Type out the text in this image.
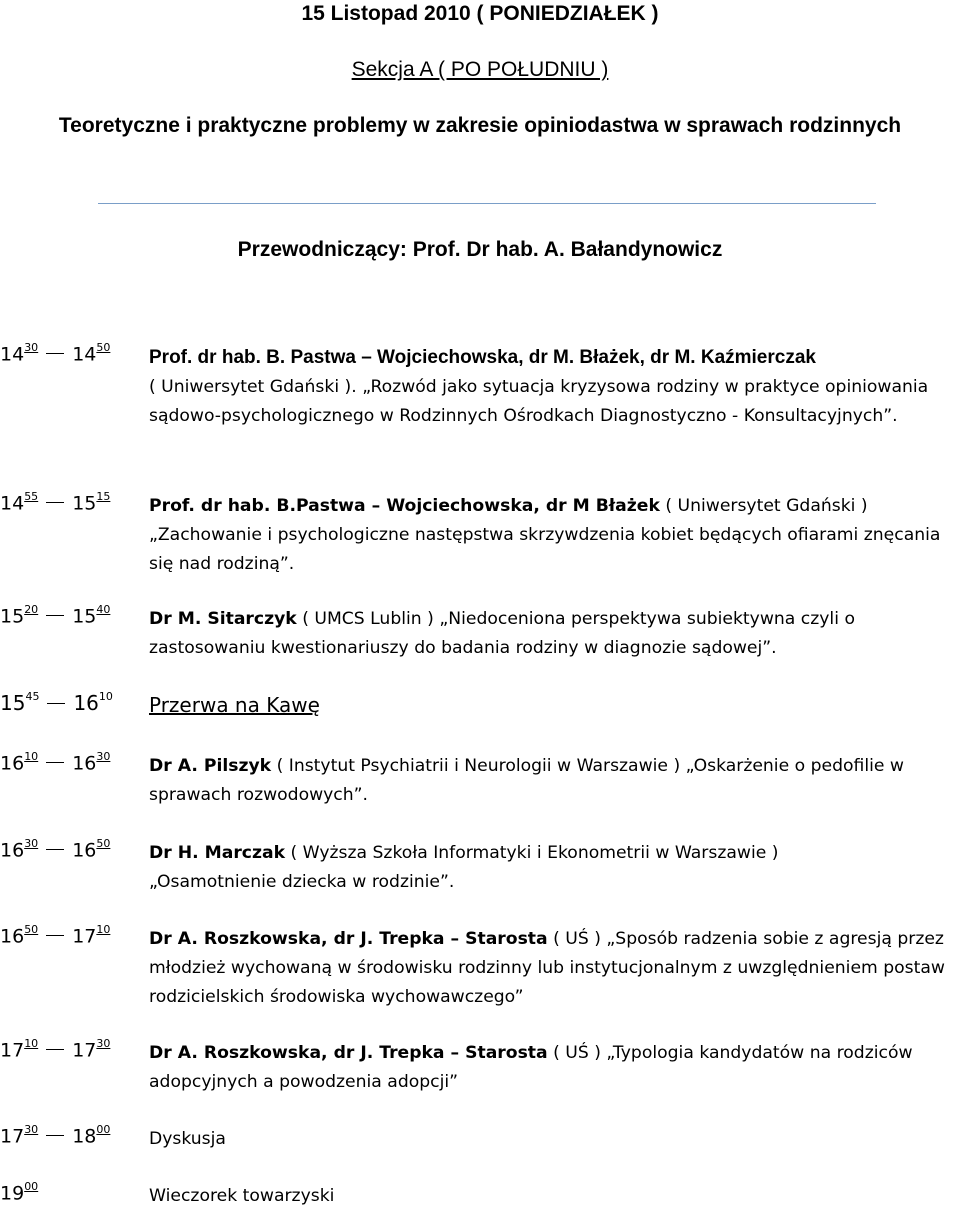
15 Listopad 2010 ( PONIEDZIAŁEK )
Sekcja A ( PO POŁUDNIU )
Teoretyczne i praktyczne problemy w zakresie opiniodastwa w sprawach rodzinnych
Przewodniczący: Prof. Dr hab. A. Bałandynowicz
$14^{30}$ $14^{50}$ Prof. dr hab. B. Pastwa – Wojciechowska, dr M. Błażek, dr M. Kaźmierczak
( Uniwersytet Gdański ). „Rozwód jako sytuacja kryzysowa rodziny w praktyce opiniowania sądowo-psychologicznego w Rodzinnych Ośrodkach Diagnostyczno - Konsultacyjnych”.
$14^{55}$ $15^{15}$ Prof. dr hab. B.Pastwa – Wojciechowska, dr M Błażek ( Uniwersytet Gdański ) „Zachowanie i psychologiczne następstwa skrzywdzenia kobiet będących ofiarami znęcania się nad rodziną”.
$15^{20}$ $15^{40}$ Dr M. Sitarczyk ( UMCS Lublin ) „Niedoceniona perspektywa subiektywna czyli o zastosowaniu kwestionariuszy do badania rodziny w diagnozie sądowej”.
$15^{45}$ $16^{10}$ Przerwa na Kawę
$16^{10}$ $16^{30}$ Dr A. Pilszyk ( Instytut Psychiatrii i Neurologii w Warszawie ) „Oskarżenie o pedofilie w sprawach rozwodowych”.
$16^{30}$ $16^{50}$ Dr H. Marczak ( Wyższa Szkoła Informatyki i Ekonometrii w Warszawie )
„Osamotnienie dziecka w rodzinie”.
$16^{50}$ $17^{10}$ Dr A. Roszkowska, dr J. Trepka – Starosta ( UŚ ) „Sposób radzenia sobie z agresją przez młodzież wychowaną w środowisku rodzinny lub instytucjonalnym z uwzględnieniem postaw rodzicielskich środowiska wychowawczego”
$17^{10}$ $17^{30}$ Dr A. Roszkowska, dr J. Trepka – Starosta ( UŚ ) „Typologia kandydatów na rodziców adopcyjnych a powodzenia adopcji”
$17^{30}$ $18^{00}$ Dyskusja
$19^{00}$	Wieczorek towarzyski
